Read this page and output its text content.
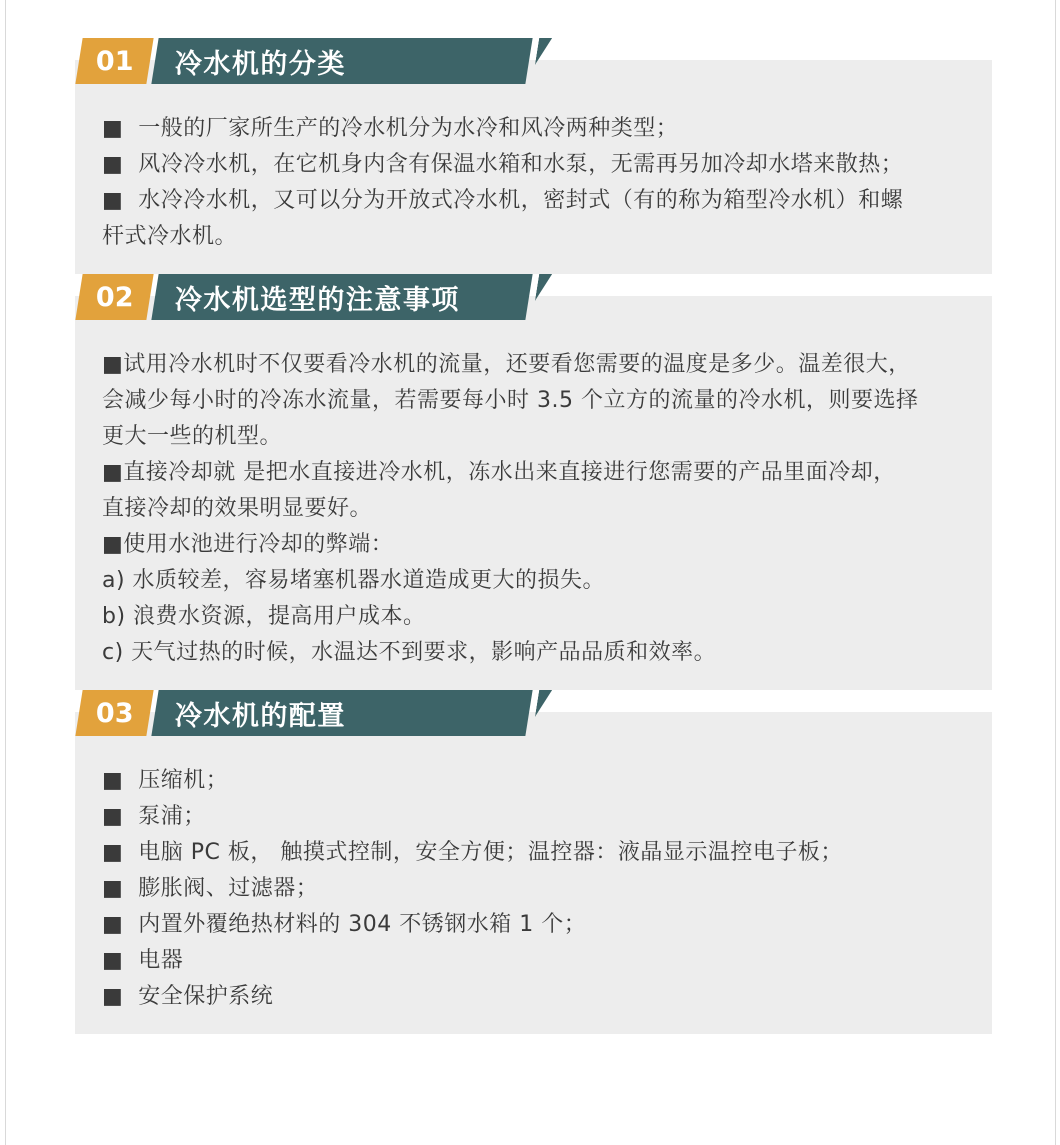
01	冷水机的分类
■  一般的厂家所生产的冷水机分为水冷和风冷两种类型；
■  风冷冷水机，在它机身内含有保温水箱和水泵，无需再另加冷却水塔来散热；
■  水冷冷水机，又可以分为开放式冷水机，密封式（有的称为箱型冷水机）和螺
杆式冷水机。
02	冷水机选型的注意事项
■试用冷水机时不仅要看冷水机的流量，还要看您需要的温度是多少。温差很大，
会减少每小时的冷冻水流量，若需要每小时 3.5 个立方的流量的冷水机，则要选择
更大一些的机型。
■直接冷却就 是把水直接进冷水机，冻水出来直接进行您需要的产品里面冷却，
直接冷却的效果明显要好。
■使用水池进行冷却的弊端：
a) 水质较差，容易堵塞机器水道造成更大的损失。
b) 浪费水资源，提高用户成本。
c) 天气过热的时候，水温达不到要求，影响产品品质和效率。
03	冷水机的配置
■  压缩机；
■  泵浦；
■  电脑 PC 板， 触摸式控制，安全方便；温控器：液晶显示温控电子板；
■  膨胀阀、过滤器；
■  内置外覆绝热材料的 304 不锈钢水箱 1 个；
■  电器
■  安全保护系统
